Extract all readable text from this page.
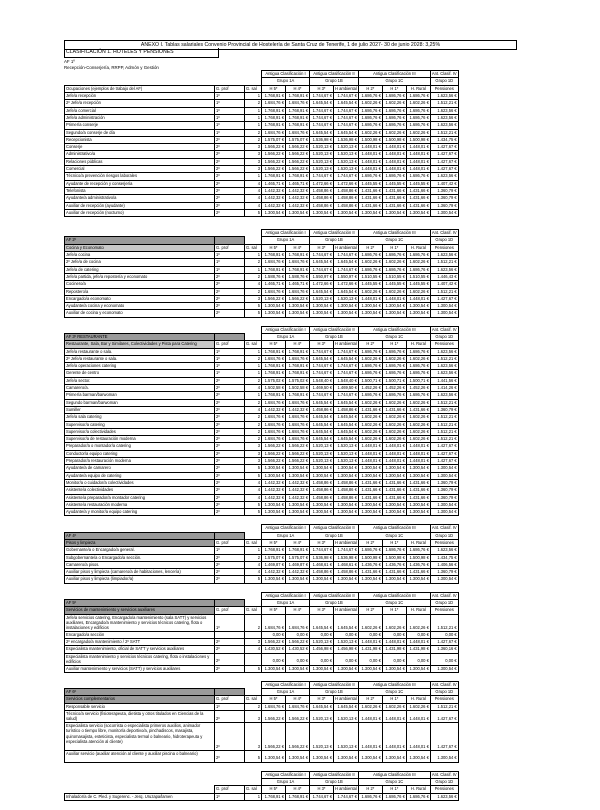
ANEXO I. Tablas salariales Convenio Provincial de Hostelería de Santa Cruz de Tenerife, 1 de julio 2027- 30 de junio 2028: 3,25%
CLASIFICACIÓN 1. HOTELES Y PENSIONES
AF 1º
Recepción-Conserjería, RRPP, Admón y Gestión
			Antigua Clasificación I		Antigua Clasificación II		Antigua Clasificación III			Ant. Clasif. IV
			Grupo 1A		Grupo 1B		Grupo 1C			Grupo 1D
Ocupaciones (ejemplos de trabajo del AF)	G. prof	G. sal	H 5*	H 4*	H 3*	H ambiental	H 2*	H 1*	H. Rural	Pensiones
Jefe/a recepción	1º	1	1.768,91 €	1.768,91 €	1.744,67 €	1.744,67 €	1.686,76 €	1.686,76 €	1.686,76 €	1.623,56 €
2º Jefe/a recepción	1º	2	1.684,76 €	1.684,76 €	1.645,54 €	1.645,54 €	1.602,26 €	1.602,26 €	1.602,26 €	1.512,21 €
Jefe/a comercial	1º	1	1.768,91 €	1.768,91 €	1.744,67 €	1.744,67 €	1.686,76 €	1.686,76 €	1.686,76 €	1.623,56 €
Jefe/a administración	1º	1	1.768,91 €	1.768,91 €	1.744,67 €	1.744,67 €	1.686,76 €	1.686,76 €	1.686,76 €	1.623,56 €
Primer/a conserje	1º	1	1.768,91 €	1.768,91 €	1.744,67 €	1.744,67 €	1.686,76 €	1.686,76 €	1.686,76 €	1.623,56 €
Segundo/a conserje de día	1º	2	1.684,76 €	1.684,76 €	1.645,54 €	1.645,54 €	1.602,26 €	1.602,26 €	1.602,26 €	1.512,21 €
Recepcionista	2º	2	1.575,07 €	1.575,07 €	1.536,98 €	1.536,98 €	1.500,98 €	1.500,98 €	1.500,98 €	1.434,75 €
Conserje	2º	3	1.566,22 €	1.566,22 €	1.520,13 €	1.520,13 €	1.448,01 €	1.448,01 €	1.448,01 €	1.427,67 €
Administrativo/a	2º	3	1.566,22 €	1.566,22 €	1.520,13 €	1.520,13 €	1.448,01 €	1.448,01 €	1.448,01 €	1.427,67 €
Relaciones públicas	2º	3	1.566,22 €	1.566,22 €	1.520,13 €	1.520,13 €	1.448,01 €	1.448,01 €	1.448,01 €	1.427,67 €
Comercial	2º	3	1.566,22 €	1.566,22 €	1.520,13 €	1.520,13 €	1.448,01 €	1.448,01 €	1.448,01 €	1.427,67 €
Técnico/a prevención riesgos laborales	2º	1	1.768,91 €	1.768,91 €	1.744,67 €	1.744,67 €	1.686,76 €	1.686,76 €	1.686,76 €	1.623,56 €
Ayudante de recepción y conserjería	2º	4	1.465,71 €	1.465,71 €	1.472,66 €	1.472,66 €	1.445,55 €	1.445,55 €	1.445,55 €	1.407,42 €
Telefonista	2º	4	1.442,32 €	1.442,32 €	1.458,86 €	1.458,86 €	1.431,66 €	1.431,66 €	1.431,66 €	1.360,79 €
Ayudante/a administrativo/a	2º	4	1.442,32 €	1.442,32 €	1.458,86 €	1.458,86 €	1.431,66 €	1.431,66 €	1.431,66 €	1.360,79 €
Auxiliar de recepción (ayudante)	2º	4	1.442,32 €	1.442,32 €	1.458,86 €	1.458,86 €	1.431,66 €	1.431,66 €	1.431,66 €	1.360,79 €
Auxiliar de recepción (nocturno)	2º	5	1.300,54 €	1.300,54 €	1.300,54 €	1.300,54 €	1.300,54 €	1.300,54 €	1.300,54 €	1.300,54 €
			Antigua Clasificación I		Antigua Clasificación II		Antigua Clasificación III			Ant. Clasif. IV
AF 2º			Grupo 1A		Grupo 1B		Grupo 1C			Grupo 1D
Cocina y Economato	G. prof	G. sal	H 5*	H 4*	H 3*	H ambiental	H 2*	H 1*	H. Rural	Pensiones
Jefe/a cocina	1º	1	1.768,91 €	1.768,91 €	1.744,67 €	1.744,67 €	1.686,76 €	1.686,76 €	1.686,76 €	1.623,56 €
2º Jefe/a de cocina	1º	2	1.684,76 €	1.684,76 €	1.645,54 €	1.645,54 €	1.602,26 €	1.602,26 €	1.602,26 €	1.512,21 €
Jefe/a de catering	1º	1	1.768,91 €	1.768,91 €	1.744,67 €	1.744,67 €	1.686,76 €	1.686,76 €	1.686,76 €	1.623,56 €
Jefe/a partida, jefe/a repostería y economato	2º	2	1.588,76 €	1.588,76 €	1.550,97 €	1.550,97 €	1.510,55 €	1.510,55 €	1.510,55 €	1.446,43 €
Cocinero/a	2º	4	1.465,71 €	1.465,71 €	1.472,66 €	1.472,66 €	1.445,55 €	1.445,55 €	1.445,55 €	1.407,42 €
Repostero/a	2º	2	1.684,76 €	1.684,76 €	1.645,54 €	1.645,54 €	1.602,26 €	1.602,26 €	1.602,26 €	1.512,21 €
Encargado/a economato	2º	3	1.566,22 €	1.566,22 €	1.520,13 €	1.520,13 €	1.448,01 €	1.448,01 €	1.448,01 €	1.427,67 €
Ayudante/a cocina y economato	2º	5	1.300,54 €	1.300,54 €	1.300,54 €	1.300,54 €	1.300,54 €	1.300,54 €	1.300,54 €	1.300,54 €
Auxiliar de cocina y economato	2º	5	1.300,54 €	1.300,54 €	1.300,54 €	1.300,54 €	1.300,54 €	1.300,54 €	1.300,54 €	1.300,54 €
			Antigua Clasificación I		Antigua Clasificación II		Antigua Clasificación III			Ant. Clasif. IV
AF 3º RESTAURANTE			Grupo 1A		Grupo 1B		Grupo 1C			Grupo 1D
Restaurante, Sala, Bar y Similares, Colectividades y Pista para Catering	G. prof	G. sal	H 5*	H 4*	H 3*	H ambiental	H 2*	H 1*	H. Rural	Pensiones
Jefe/a restaurante o sala.	1º	1	1.768,91 €	1.768,91 €	1.744,67 €	1.744,67 €	1.686,76 €	1.686,76 €	1.686,76 €	1.623,56 €
2º Jefe/a restaurante o sala.	1º	2	1.684,76 €	1.684,76 €	1.645,54 €	1.645,54 €	1.602,26 €	1.602,26 €	1.602,26 €	1.512,21 €
Jefe/a operaciones catering	1º	1	1.768,91 €	1.768,91 €	1.744,67 €	1.744,67 €	1.686,76 €	1.686,76 €	1.686,76 €	1.623,56 €
Gerente de centro	1º	1	1.768,91 €	1.768,91 €	1.744,67 €	1.744,67 €	1.686,76 €	1.686,76 €	1.686,76 €	1.623,56 €
Jefe/a sector.	2º	2	1.575,02 €	1.575,02 €	1.548,40 €	1.548,40 €	1.500,71 €	1.500,71 €	1.500,71 €	1.441,56 €
Camarero/a.	2º	4	1.502,58 €	1.502,58 €	1.469,50 €	1.469,50 €	1.452,26 €	1.452,26 €	1.452,26 €	1.414,26 €
Primer/a barman/barwoman	2º	1	1.768,91 €	1.768,91 €	1.744,67 €	1.744,67 €	1.686,76 €	1.686,76 €	1.686,76 €	1.623,56 €
Segundo barman/barwoman	2º	2	1.684,76 €	1.684,76 €	1.645,54 €	1.645,54 €	1.602,26 €	1.602,26 €	1.602,26 €	1.512,21 €
Sumiller	2º	4	1.442,32 €	1.442,32 €	1.458,86 €	1.458,86 €	1.431,66 €	1.431,66 €	1.431,66 €	1.360,79 €
Jefe/a sala catering	2º	2	1.684,76 €	1.684,76 €	1.645,54 €	1.645,54 €	1.602,26 €	1.602,26 €	1.602,26 €	1.512,21 €
Supervisor/a catering	2º	2	1.684,76 €	1.684,76 €	1.645,54 €	1.645,54 €	1.602,26 €	1.602,26 €	1.602,26 €	1.512,21 €
Supervisor/a colectividades	2º	2	1.684,76 €	1.684,76 €	1.645,54 €	1.645,54 €	1.602,26 €	1.602,26 €	1.602,26 €	1.512,21 €
Supervisor/a de restauración moderna	2º	2	1.684,76 €	1.684,76 €	1.645,54 €	1.645,54 €	1.602,26 €	1.602,26 €	1.602,26 €	1.512,21 €
Preparador/a o montador/a catering	2º	3	1.566,22 €	1.566,22 €	1.520,13 €	1.520,13 €	1.448,01 €	1.448,01 €	1.448,01 €	1.427,67 €
Conductor/a equipo catering	2º	3	1.566,22 €	1.566,22 €	1.520,13 €	1.520,13 €	1.448,01 €	1.448,01 €	1.448,01 €	1.427,67 €
Preparador/a restauración moderna	2º	3	1.566,22 €	1.566,22 €	1.520,13 €	1.520,13 €	1.448,01 €	1.448,01 €	1.448,01 €	1.427,67 €
Ayudante/a de camarero	2º	5	1.300,54 €	1.300,54 €	1.300,54 €	1.300,54 €	1.300,54 €	1.300,54 €	1.300,54 €	1.300,54 €
Ayudante/a equipo de catering	2º	5	1.300,54 €	1.300,54 €	1.300,54 €	1.300,54 €	1.300,54 €	1.300,54 €	1.300,54 €	1.300,54 €
Monitor/a o cuidador/a colectividades	2º	4	1.442,32 €	1.442,32 €	1.458,86 €	1.458,86 €	1.431,66 €	1.431,66 €	1.431,66 €	1.360,79 €
Asistente/a colectividades	2º	4	1.442,32 €	1.442,32 €	1.458,86 €	1.458,86 €	1.431,66 €	1.431,66 €	1.431,66 €	1.360,79 €
Asistente/a preparador/a montador catering	2º	4	1.442,32 €	1.442,32 €	1.458,86 €	1.458,86 €	1.431,66 €	1.431,66 €	1.431,66 €	1.360,79 €
Asistente/a restauración moderna	2º	5	1.300,54 €	1.300,54 €	1.300,54 €	1.300,54 €	1.300,54 €	1.300,54 €	1.300,54 €	1.300,54 €
Ayudante/a y monitor/a equipo catering	2º	5	1.300,54 €	1.300,54 €	1.300,54 €	1.300,54 €	1.300,54 €	1.300,54 €	1.300,54 €	1.300,54 €
			Antigua Clasificación I		Antigua Clasificación II		Antigua Clasificación III			Ant. Clasif. IV
AF 4º			Grupo 1A		Grupo 1B		Grupo 1C			Grupo 1D
Pisos y limpieza	G. prof	G. sal	H 5*	H 4*	H 3*	H ambiental	H 2*	H 1*	H. Rural	Pensiones
Gobernante/a o Encargado/a general.	1º	1	1.768,91 €	1.768,91 €	1.744,67 €	1.744,67 €	1.686,76 €	1.686,76 €	1.686,76 €	1.623,56 €
Subgobernante/a o Encargado/a sección.	2º	2	1.575,07 €	1.575,07 €	1.536,98 €	1.536,98 €	1.500,98 €	1.500,98 €	1.500,98 €	1.434,75 €
Camarero/a pisos.	2º	4	1.469,87 €	1.469,87 €	1.468,61 €	1.468,61 €	1.436,76 €	1.436,76 €	1.436,76 €	1.406,56 €
Auxiliar pisos y limpieza (camarero/a de habitaciones, lencería)	2º	4	1.442,32 €	1.442,32 €	1.458,86 €	1.458,86 €	1.431,66 €	1.431,66 €	1.431,66 €	1.360,79 €
Auxiliar pisos y limpieza (limpiador/a)	2º	5	1.300,54 €	1.300,54 €	1.300,54 €	1.300,54 €	1.300,54 €	1.300,54 €	1.300,54 €	1.300,54 €
			Antigua Clasificación I		Antigua Clasificación II		Antigua Clasificación III			Ant. Clasif. IV
AF 5º			Grupo 1A		Grupo 1B		Grupo 1C			Grupo 1D
Servicios de mantenimiento y servicios auxiliares	G. prof	G. sal	H 5*	H 4*	H 3*	H ambiental	H 2*	H 1*	H. Rural	Pensiones
Jefe/a servicios catering, Encargado/a mantenimiento (sala SATT) y servicios auxiliares, Encargado/a mantenimiento y servicios técnicos catering, flota o instalaciones y edificios	1º	2	1.684,76 €	1.684,76 €	1.645,54 €	1.645,54 €	1.602,26 €	1.602,26 €	1.602,26 €	1.512,21 €
Encargado/a sección			0,00 €	0,00 €	0,00 €	0,00 €	0,00 €	0,00 €	0,00 €	0,00 €
2º encargado/a mantenimiento / 2º SATT	2º	3	1.566,22 €	1.566,22 €	1.520,13 €	1.520,13 €	1.448,01 €	1.448,01 €	1.448,01 €	1.427,67 €
Especialista mantenimiento, oficial de SATT y servicios auxiliares	2º	4	1.430,52 €	1.430,52 €	1.456,98 €	1.456,98 €	1.431,98 €	1.431,98 €	1.431,98 €	1.360,16 €
Especialista mantenimiento y servicios técnicos catering, flota o instalaciones y edificios	2º		0,00 €	0,00 €	0,00 €	0,00 €	0,00 €	0,00 €	0,00 €	0,00 €
Auxiliar mantenimiento y servicios (SATT) y servicios auxiliares	2º	5	1.300,54 €	1.300,54 €	1.300,54 €	1.300,54 €	1.300,54 €	1.300,54 €	1.300,54 €	1.300,54 €
			Antigua Clasificación I		Antigua Clasificación II		Antigua Clasificación III			Ant. Clasif. IV
AF 6º			Grupo 1A		Grupo 1B		Grupo 1C			Grupo 1D
Servicios complementarios	G. prof	G. sal	H 5*	H 4*	H 3*	H ambiental	H 2*	H 1*	H. Rural	Pensiones
Responsable servicio	1º	2	1.684,76 €	1.684,76 €	1.645,54 €	1.645,54 €	1.602,26 €	1.602,26 €	1.602,26 €	1.512,21 €
Técnico/a servicio (fisioterapeuta, dietista y otros titulados en Ciencias de la salud)	2º	3	1.566,22 €	1.566,22 €	1.520,13 €	1.520,13 €	1.448,01 €	1.448,01 €	1.448,01 €	1.427,67 €
Especialista servicio (socorrista o especialista primeros auxilios, animador turístico o tiempo libre, monitor/a deportivo/a, pinchadiscos, masajista, quiromasajista, esteticista, especialista termal o balneario, hidroterapeuta y especialista atención al cliente)	2º	3	1.566,22 €	1.566,22 €	1.520,13 €	1.520,13 €	1.448,01 €	1.448,01 €	1.448,01 €	1.427,67 €
Auxiliar servicio (auxiliar atención al cliente y auxiliar piscina o balneario)	2º	5	1.300,54 €	1.300,54 €	1.300,54 €	1.300,54 €	1.300,54 €	1.300,54 €	1.300,54 €	1.300,54 €
			Antigua Clasificación I		Antigua Clasificación II		Antigua Clasificación III			Ant. Clasif. IV
			Grupo 1A		Grupo 1B		Grupo 1C			Grupo 1D
	G. prof	G. sal	H 5*	H 4*	H 3*	H ambiental	H 2*	H 1*	H. Rural	Pensiones
Inhalador/a de C. Pled. y Sugerenc. - Jerq. Uruzapa/lamen	1º	1	1.768,91 €	1.768,91 €	1.744,67 €	1.744,67 €	1.686,76 €	1.686,76 €	1.686,76 €	1.623,56 €
